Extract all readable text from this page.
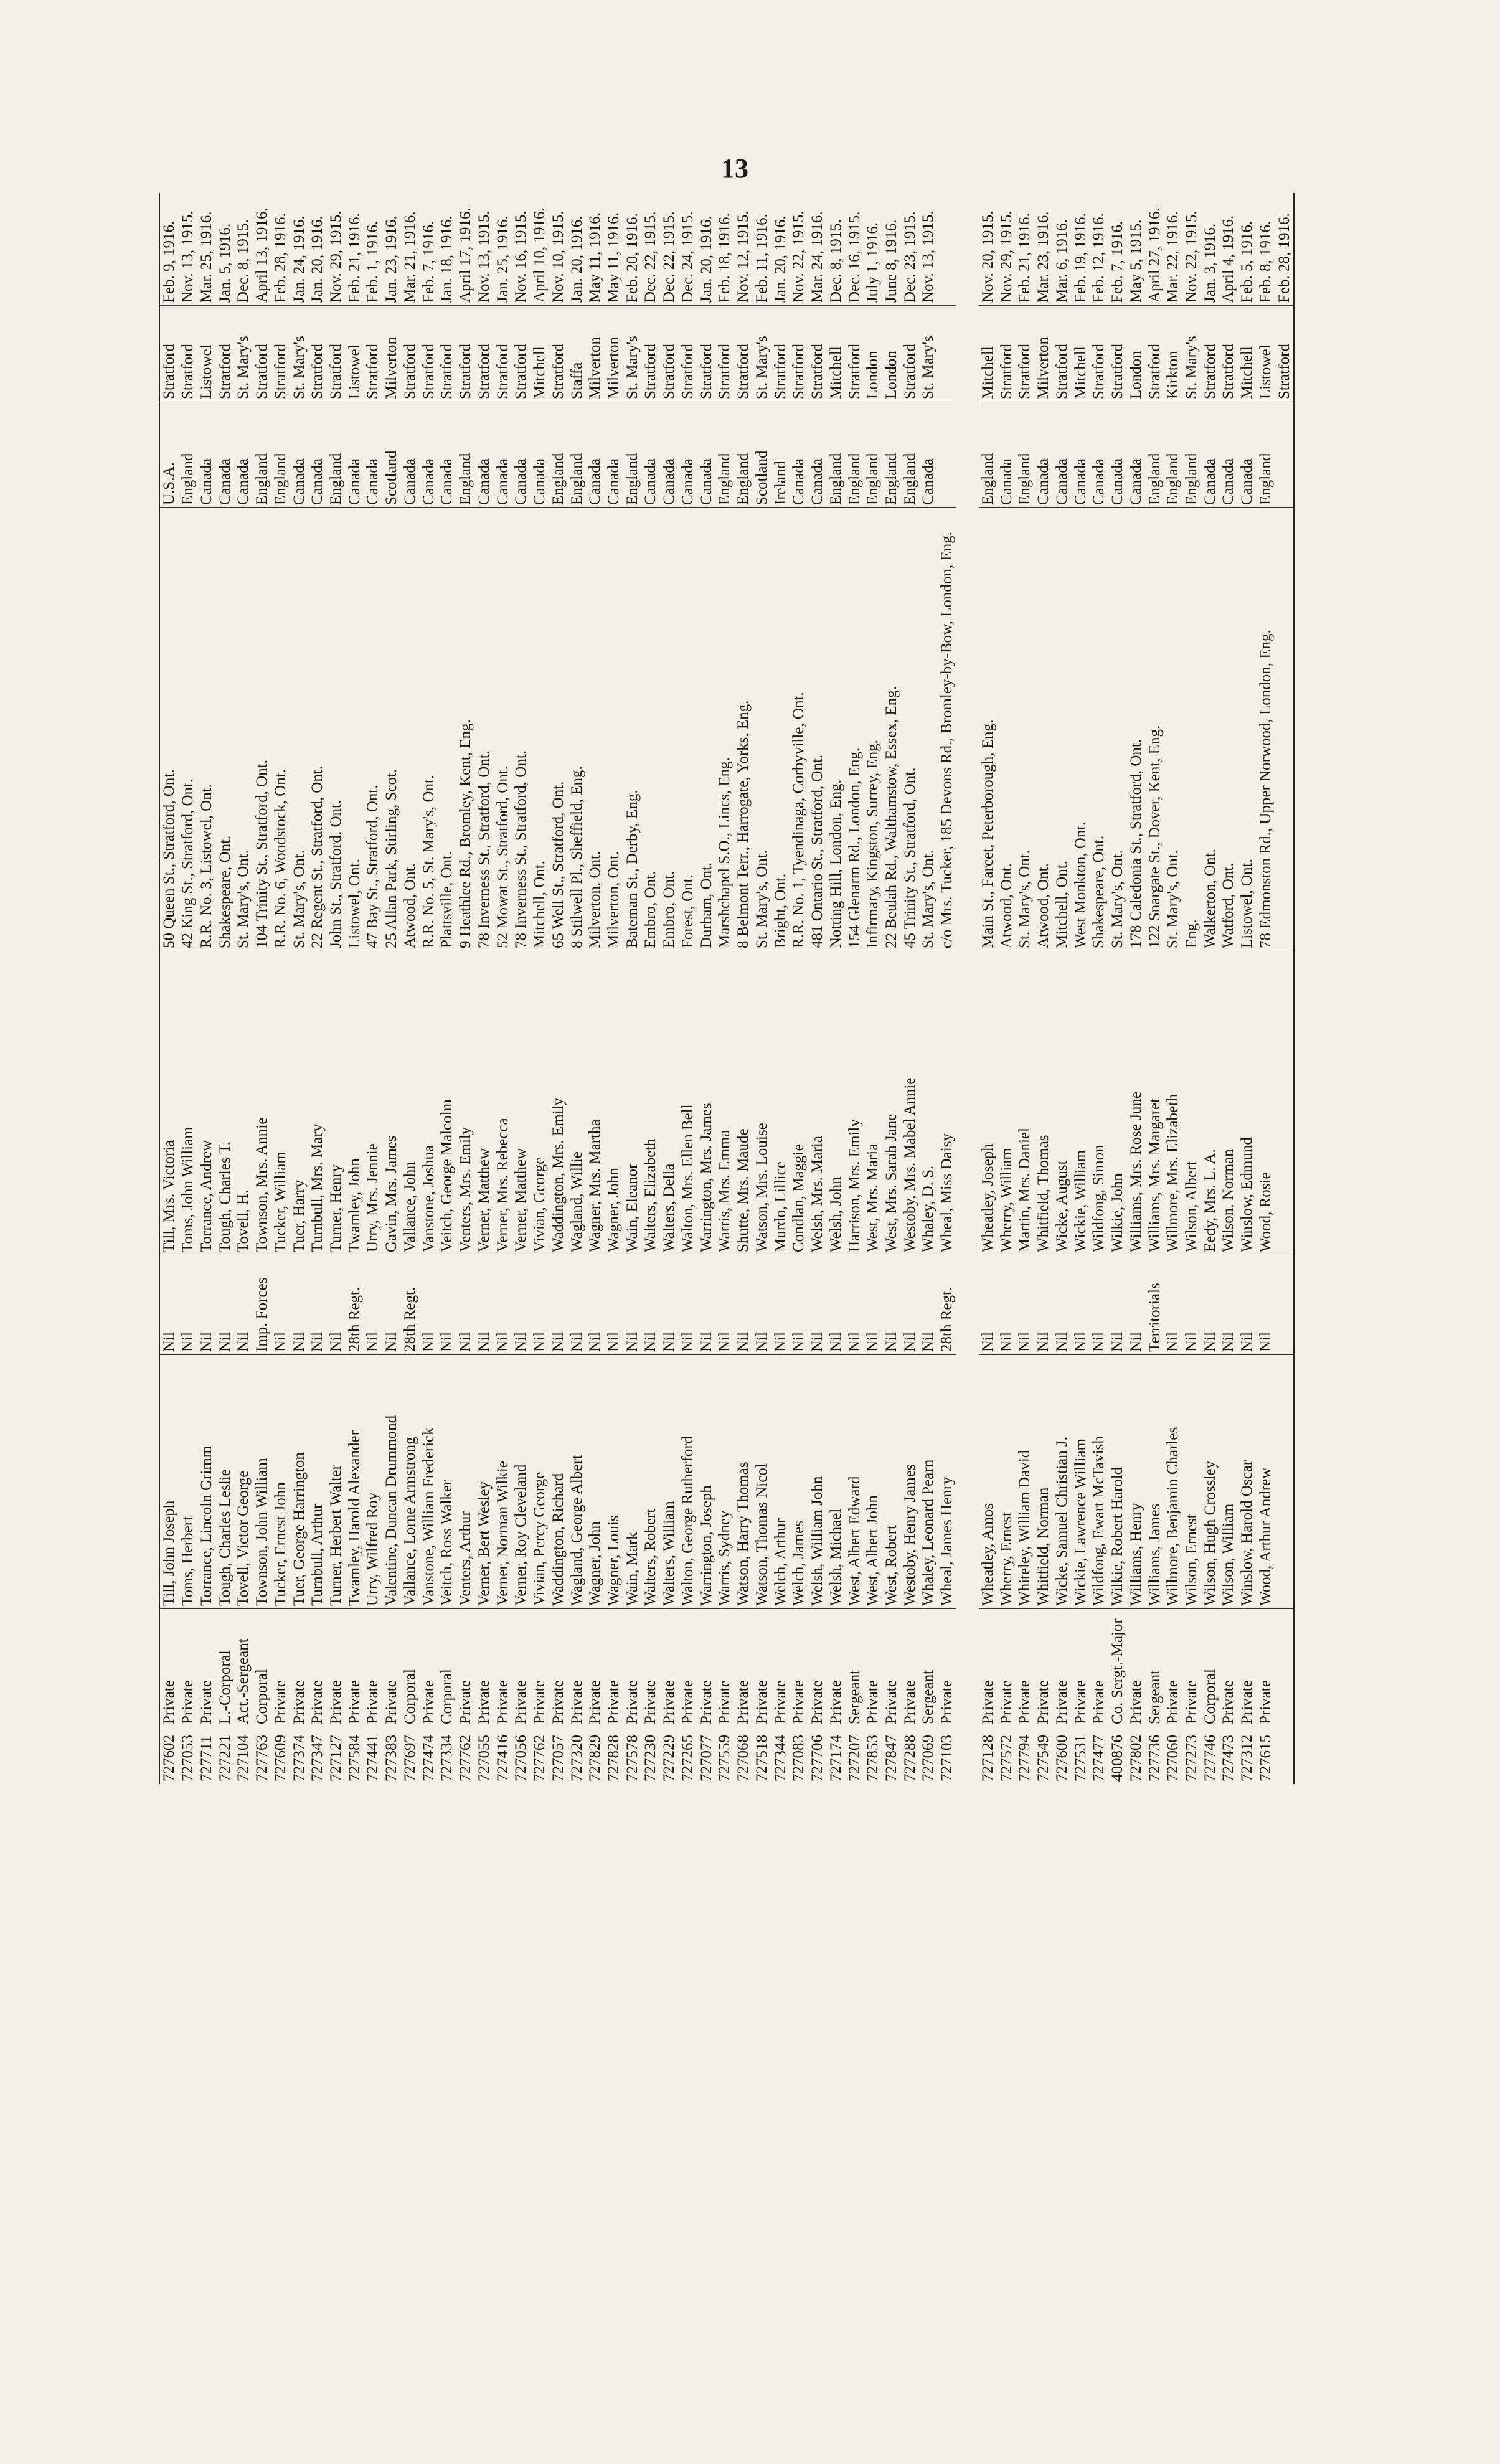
13
727602
Private
Till, John Joseph
Nil
Till, Mrs. Victoria
50 Queen St., Stratford, Ont.
U.S.A.
Stratford
Feb. 9, 1916.
727053
Private
Toms, Herbert
Nil
Toms, John William
42 King St., Stratford, Ont.
England
Stratford
Nov. 13, 1915.
727711
Private
Torrance, Lincoln Grimm
Nil
Torrance, Andrew
R.R. No. 3, Listowel, Ont.
Canada
Listowel
Mar. 25, 1916.
727221
L.-Corporal
Tough, Charles Leslie
Nil
Tough, Charles T.
Shakespeare, Ont.
Canada
Stratford
Jan. 5, 1916.
727104
Act.-Sergeant
Tovell, Victor George
Nil
Tovell, H.
St. Mary's, Ont.
Canada
St. Mary's
Dec. 8, 1915.
727763
Corporal
Townson, John William
Imp. Forces
Townson, Mrs. Annie
104 Trinity St., Stratford, Ont.
England
Stratford
April 13, 1916.
727609
Private
Tucker, Ernest John
Nil
Tucker, William
R.R. No. 6, Woodstock, Ont.
England
Stratford
Feb. 28, 1916.
727374
Private
Tuer, George Harrington
Nil
Tuer, Harry
St. Mary's, Ont.
Canada
St. Mary's
Jan. 24, 1916.
727347
Private
Turnbull, Arthur
Nil
Turnbull, Mrs. Mary
22 Regent St., Stratford, Ont.
Canada
Stratford
Jan. 20, 1916.
727127
Private
Turner, Herbert Walter
Nil
Turner, Henry
John St., Stratford, Ont.
England
Stratford
Nov. 29, 1915.
727584
Private
Twamley, Harold Alexander
28th Regt.
Twamley, John
Listowel, Ont.
Canada
Listowel
Feb. 21, 1916.
727441
Private
Urry, Wilfred Roy
Nil
Urry, Mrs. Jennie
47 Bay St., Stratford, Ont.
Canada
Stratford
Feb. 1, 1916.
727383
Private
Valentine, Duncan Drummond
Nil
Gavin, Mrs. James
25 Allan Park, Stirling, Scot.
Scotland
Milverton
Jan. 23, 1916.
727697
Corporal
Vallance, Lorne Armstrong
28th Regt.
Vallance, John
Atwood, Ont.
Canada
Stratford
Mar. 21, 1916.
727474
Private
Vanstone, William Frederick
Nil
Vanstone, Joshua
R.R. No. 5, St. Mary's, Ont.
Canada
Stratford
Feb. 7, 1916.
727334
Corporal
Veitch, Ross Walker
Nil
Veitch, George Malcolm
Plattsville, Ont.
Canada
Stratford
Jan. 18, 1916.
727762
Private
Venters, Arthur
Nil
Venters, Mrs. Emily
9 Heathlee Rd., Bromley, Kent, Eng.
England
Stratford
April 17, 1916.
727055
Private
Verner, Bert Wesley
Nil
Verner, Matthew
78 Inverness St., Stratford, Ont.
Canada
Stratford
Nov. 13, 1915.
727416
Private
Verner, Norman Wilkie
Nil
Verner, Mrs. Rebecca
52 Mowat St., Stratford, Ont.
Canada
Stratford
Jan. 25, 1916.
727056
Private
Verner, Roy Cleveland
Nil
Verner, Matthew
78 Inverness St., Stratford, Ont.
Canada
Stratford
Nov. 16, 1915.
727762
Private
Vivian, Percy George
Nil
Vivian, George
Mitchell, Ont.
Canada
Mitchell
April 10, 1916.
727057
Private
Waddington, Richard
Nil
Waddington, Mrs. Emily
65 Well St., Stratford, Ont.
England
Stratford
Nov. 10, 1915.
727320
Private
Wagland, George Albert
Nil
Wagland, Willie
8 Stilwell Pl., Sheffield, Eng.
England
Staffa
Jan. 20, 1916.
727829
Private
Wagner, John
Nil
Wagner, Mrs. Martha
Milverton, Ont.
Canada
Milverton
May 11, 1916.
727828
Private
Wagner, Louis
Nil
Wagner, John
Milverton, Ont.
Canada
Milverton
May 11, 1916.
727578
Private
Wain, Mark
Nil
Wain, Eleanor
Bateman St., Derby, Eng.
England
St. Mary's
Feb. 20, 1916.
727230
Private
Walters, Robert
Nil
Walters, Elizabeth
Embro, Ont.
Canada
Stratford
Dec. 22, 1915.
727229
Private
Walters, William
Nil
Walters, Della
Embro, Ont.
Canada
Stratford
Dec. 22, 1915.
727265
Private
Walton, George Rutherford
Nil
Walton, Mrs. Ellen Bell
Forest, Ont.
Canada
Stratford
Dec. 24, 1915.
727077
Private
Warrington, Joseph
Nil
Warrington, Mrs. James
Durham, Ont.
Canada
Stratford
Jan. 20, 1916.
727559
Private
Warris, Sydney
Nil
Warris, Mrs. Emma
Marshchapel S.O., Lincs, Eng.
England
Stratford
Feb. 18, 1916.
727068
Private
Watson, Harry Thomas
Nil
Shutte, Mrs. Maude
8 Belmont Terr., Harrogate, Yorks, Eng.
England
Stratford
Nov. 12, 1915.
727518
Private
Watson, Thomas Nicol
Nil
Watson, Mrs. Louise
St. Mary's, Ont.
Scotland
St. Mary's
Feb. 11, 1916.
727344
Private
Welch, Arthur
Nil
Murdo, Lillice
Bright, Ont.
Ireland
Stratford
Jan. 20, 1916.
727083
Private
Welch, James
Nil
Condlan, Maggie
R.R. No. 1, Tyendinaga, Corbyville, Ont.
Canada
Stratford
Nov. 22, 1915.
727706
Private
Welsh, William John
Nil
Welsh, Mrs. Maria
481 Ontario St., Stratford, Ont.
Canada
Stratford
Mar. 24, 1916.
727174
Private
Welsh, Michael
Nil
Welsh, John
Notting Hill, London, Eng.
England
Mitchell
Dec. 8, 1915.
727207
Sergeant
West, Albert Edward
Nil
Harrison, Mrs. Emily
154 Glenarm Rd., London, Eng.
England
Stratford
Dec. 16, 1915.
727853
Private
West, Albert John
Nil
West, Mrs. Maria
Infirmary, Kingston, Surrey, Eng.
England
London
July 1, 1916.
727847
Private
West, Robert
Nil
West, Mrs. Sarah Jane
22 Beulah Rd., Walthamstow, Essex, Eng.
England
London
June 8, 1916.
727288
Private
Westoby, Henry James
Nil
Westoby, Mrs. Mabel Annie
45 Trinity St., Stratford, Ont.
England
Stratford
Dec. 23, 1915.
727069
Sergeant
Whaley, Leonard Pearn
Nil
Whaley, D. S.
St. Mary's, Ont.
Canada
St. Mary's
Nov. 13, 1915.
727103
Private
Wheal, James Henry
28th Regt.
Wheal, Miss Daisy
c/o Mrs. Tucker, 185 Devons Rd., Bromley-by-Bow, London, Eng.
727128
Private
Wheatley, Amos
Nil
Wheatley, Joseph
Main St., Farcet, Peterborough, Eng.
England
Mitchell
Nov. 20, 1915.
727572
Private
Wherry, Ernest
Nil
Wherry, William
Atwood, Ont.
Canada
Stratford
Nov. 29, 1915.
727794
Private
Whiteley, William David
Nil
Martin, Mrs. Daniel
St. Mary's, Ont.
England
Stratford
Feb. 21, 1916.
727549
Private
Whitfield, Norman
Nil
Whitfield, Thomas
Atwood, Ont.
Canada
Milverton
Mar. 23, 1916.
727600
Private
Wicke, Samuel Christian J.
Nil
Wicke, August
Mitchell, Ont.
Canada
Stratford
Mar. 6, 1916.
727531
Private
Wickie, Lawrence William
Nil
Wickie, William
West Monkton, Ont.
Canada
Mitchell
Feb. 19, 1916.
727477
Private
Wildfong, Ewart McTavish
Nil
Wildfong, Simon
Shakespeare, Ont.
Canada
Stratford
Feb. 12, 1916.
400876
Co. Sergt.-Major
Wilkie, Robert Harold
Nil
Wilkie, John
St. Mary's, Ont.
Canada
Stratford
Feb. 7, 1916.
727802
Private
Williams, Henry
Nil
Williams, Mrs. Rose June
178 Caledonia St., Stratford, Ont.
Canada
London
May 5, 1915.
727736
Sergeant
Williams, James
Territorials
Williams, Mrs. Margaret
122 Snargate St., Dover, Kent, Eng.
England
Stratford
April 27, 1916.
727060
Private
Willmore, Benjamin Charles
Nil
Willmore, Mrs. Elizabeth
St. Mary's, Ont.
England
Kirkton
Mar. 22, 1916.
727273
Private
Wilson, Ernest
Nil
Wilson, Albert
Eng.
England
St. Mary's
Nov. 22, 1915.
727746
Corporal
Wilson, Hugh Crossley
Nil
Eedy, Mrs. L. A.
Walkerton, Ont.
Canada
Stratford
Jan. 3, 1916.
727473
Private
Wilson, William
Nil
Wilson, Norman
Watford, Ont.
Canada
Stratford
April 4, 1916.
727312
Private
Winslow, Harold Oscar
Nil
Winslow, Edmund
Listowel, Ont.
Canada
Mitchell
Feb. 5, 1916.
727615
Private
Wood, Arthur Andrew
Nil
Wood, Rosie
78 Edmonston Rd., Upper Norwood, London, Eng.
England
Listowel
Feb. 8, 1916.
Stratford
Feb. 28, 1916.
